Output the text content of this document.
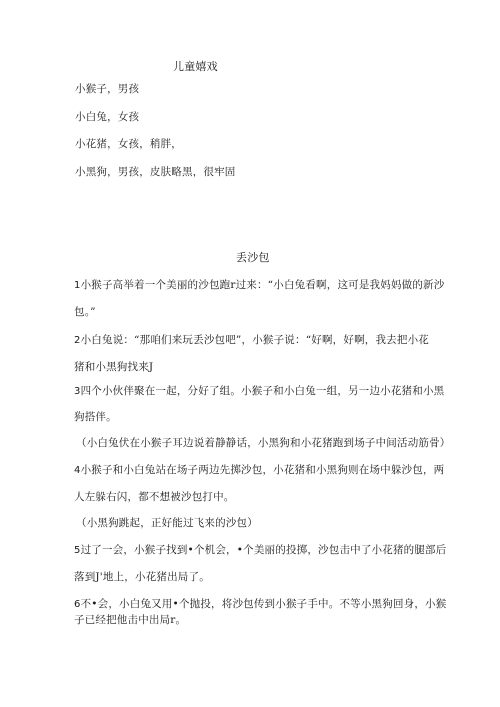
儿童嬉戏

小猴子，男孩

小白兔，女孩

小花猪，女孩，稍胖，

小黑狗，男孩，皮肤略黑，很牢固

丢沙包

1小猴子高举着一个美丽的沙包跑r过来：“小白兔看啊，这可是我妈妈做的新沙

包。”

2小白兔说：“那咱们来玩丢沙包吧”，小猴子说：“好啊，好啊，我去把小花

猪和小黑狗找来J

3四个小伙伴聚在一起，分好了组。小猴子和小白兔一组，另一边小花猪和小黑

狗搭伴。

（小白兔伏在小猴子耳边说着静静话，小黑狗和小花猪跑到场子中间活动筋骨）

4小猴子和小白兔站在场子两边先掷沙包，小花猪和小黑狗则在场中躲沙包，两

人左躲右闪，都不想被沙包打中。

（小黑狗跳起，正好能过飞来的沙包）

5过了一会，小猴子找到•个机会，•个美丽的投掷，沙包击中了小花猪的腿部后

落到J'地上，小花猪出局了。

6不•会，小白兔又用•个抛投，将沙包传到小猴子手中。不等小黑狗回身，小猴

子已经把他击中出局r。
